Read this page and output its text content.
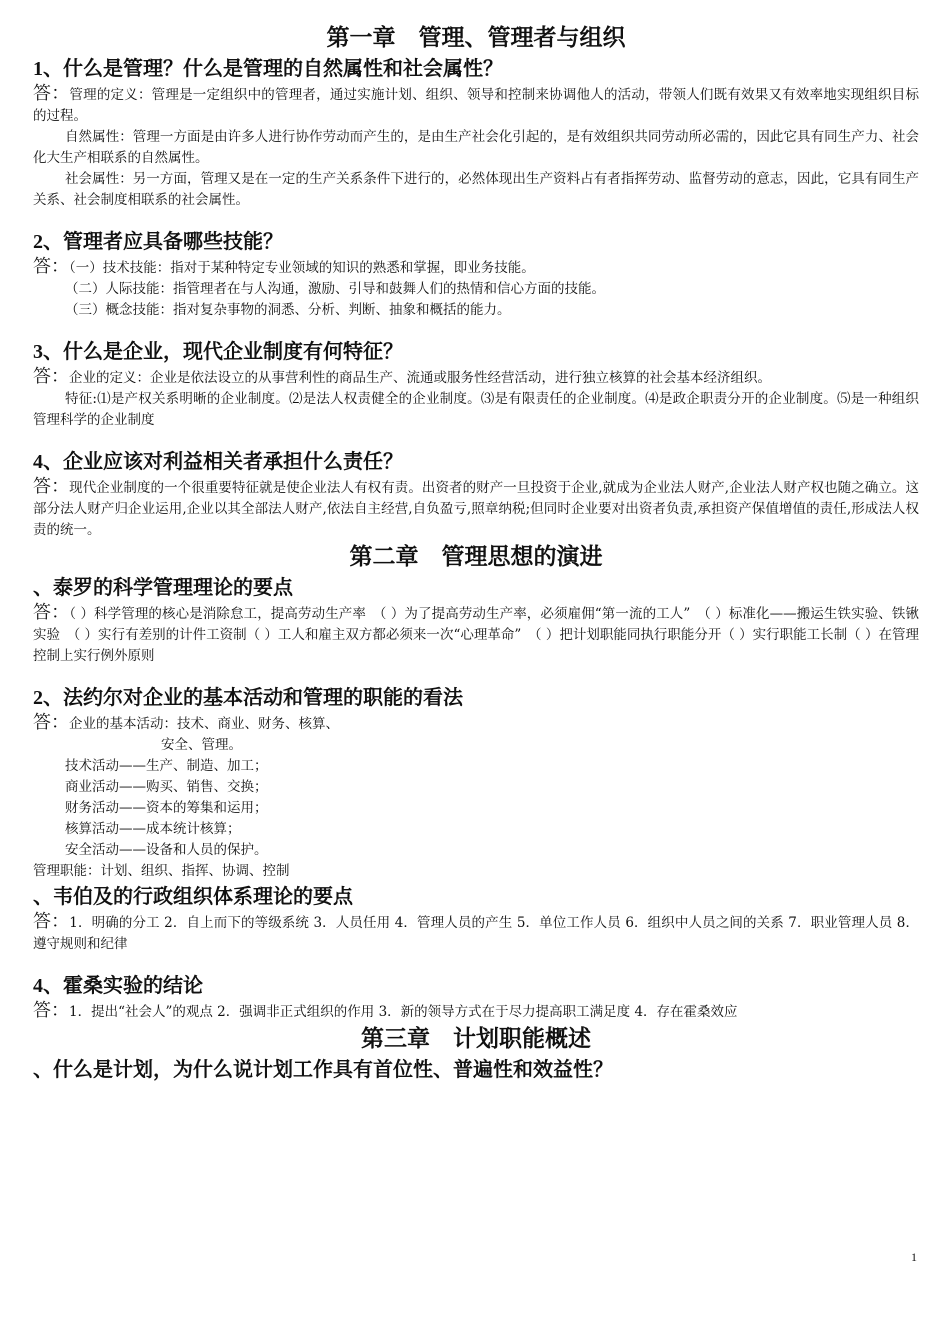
第一章　管理、管理者与组织
1、什么是管理？什么是管理的自然属性和社会属性？

答：管理的定义：管理是一定组织中的管理者，通过实施计划、组织、领导和控制来协调他人的活动，带领人们既有效果又有效率地实现组织目标的过程。

自然属性：管理一方面是由许多人进行协作劳动而产生的，是由生产社会化引起的，是有效组织共同劳动所必需的，因此它具有同生产力、社会化大生产相联系的自然属性。

社会属性：另一方面，管理又是在一定的生产关系条件下进行的，必然体现出生产资料占有者指挥劳动、监督劳动的意志，因此，它具有同生产关系、社会制度相联系的社会属性。

2、管理者应具备哪些技能？

答：（一）技术技能：指对于某种特定专业领域的知识的熟悉和掌握，即业务技能。

（二）人际技能：指管理者在与人沟通，激励、引导和鼓舞人们的热情和信心方面的技能。

（三）概念技能：指对复杂事物的洞悉、分析、判断、抽象和概括的能力。

3、什么是企业，现代企业制度有何特征？

答：企业的定义：企业是依法设立的从事营利性的商品生产、流通或服务性经营活动，进行独立核算的社会基本经济组织。

特征:⑴是产权关系明晰的企业制度。⑵是法人权责健全的企业制度。⑶是有限责任的企业制度。⑷是政企职责分开的企业制度。⑸是一种组织管理科学的企业制度

4、企业应该对利益相关者承担什么责任？

答：现代企业制度的一个很重要特征就是使企业法人有权有责。出资者的财产一旦投资于企业,就成为企业法人财产,企业法人财产权也随之确立。这部分法人财产归企业运用,企业以其全部法人财产,依法自主经营,自负盈亏,照章纳税;但同时企业要对出资者负责,承担资产保值增值的责任,形成法人权责的统一。

第二章　管理思想的演进
、泰罗的科学管理理论的要点

答：（ ）科学管理的核心是消除怠工，提高劳动生产率　（ ）为了提高劳动生产率，必须雇佣“第一流的工人”　（ ）标准化——搬运生铁实验、铁锹实验　（ ）实行有差别的计件工资制（ ）工人和雇主双方都必须来一次“心理革命”　（ ）把计划职能同执行职能分开（ ）实行职能工长制（ ）在管理控制上实行例外原则

2、法约尔对企业的基本活动和管理的职能的看法

答：企业的基本活动：技术、商业、财务、核算、

安全、管理。

技术活动——生产、制造、加工；

商业活动——购买、销售、交换；

财务活动——资本的筹集和运用；

核算活动——成本统计核算；

安全活动——设备和人员的保护。

管理职能：计划、组织、指挥、协调、控制

、韦伯及的行政组织体系理论的要点

答：1．明确的分工 2．自上而下的等级系统 3．人员任用 4．管理人员的产生 5．单位工作人员 6．组织中人员之间的关系 7．职业管理人员 8．遵守规则和纪律

4、霍桑实验的结论

答：1．提出“社会人”的观点 2．强调非正式组织的作用 3．新的领导方式在于尽力提高职工满足度 4．存在霍桑效应

第三章　计划职能概述
、什么是计划，为什么说计划工作具有首位性、普遍性和效益性？
1
